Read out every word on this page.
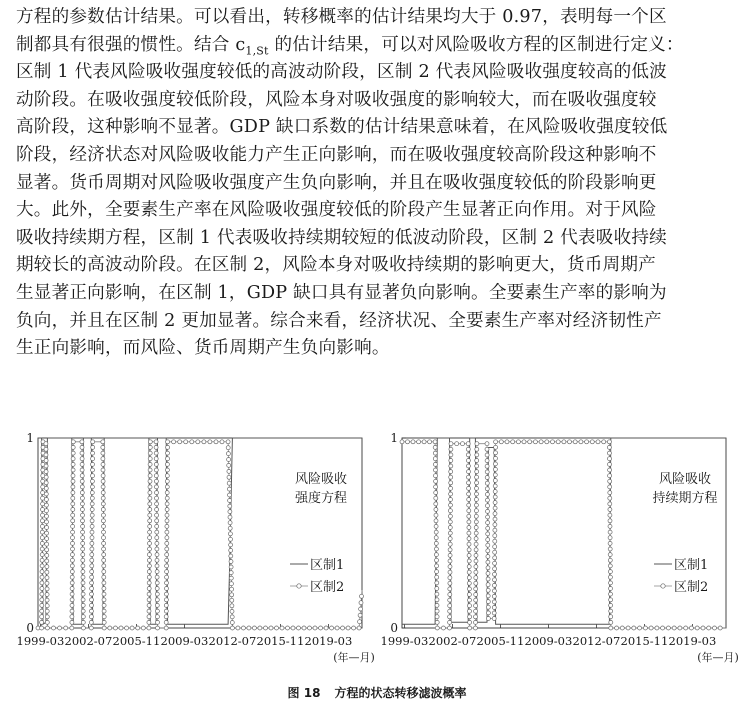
方程的参数估计结果。可以看出，转移概率的估计结果均大于 0.97，表明每一个区
制都具有很强的惯性。结合 $c_{1,St}$ 的估计结果，可以对风险吸收方程的区制进行定义：
区制 1 代表风险吸收强度较低的高波动阶段，区制 2 代表风险吸收强度较高的低波
动阶段。在吸收强度较低阶段，风险本身对吸收强度的影响较大，而在吸收强度较
高阶段，这种影响不显著。GDP 缺口系数的估计结果意味着，在风险吸收强度较低
阶段，经济状态对风险吸收能力产生正向影响，而在吸收强度较高阶段这种影响不
显著。货币周期对风险吸收强度产生负向影响，并且在吸收强度较低的阶段影响更
大。此外，全要素生产率在风险吸收强度较低的阶段产生显著正向作用。对于风险
吸收持续期方程，区制 1 代表吸收持续期较短的低波动阶段，区制 2 代表吸收持续
期较长的高波动阶段。在区制 2，风险本身对吸收持续期的影响更大，货币周期产
生显著正向影响，在区制 1，GDP 缺口具有显著负向影响。全要素生产率的影响为
负向，并且在区制 2 更加显著。综合来看，经济状况、全要素生产率对经济韧性产
生正向影响，而风险、货币周期产生负向影响。
0
1
1999-03 2002-07 2005-11 2009-03 2012-07 2015-11 2019-03
(年—月)
风险吸收
强度方程
区制1
区制2
0
1
1999-03 2002-07 2005-11 2009-03 2012-07 2015-11 2019-03
(年—月)
风险吸收
持续期方程
区制1
区制2
图 18 方程的状态转移滤波概率
